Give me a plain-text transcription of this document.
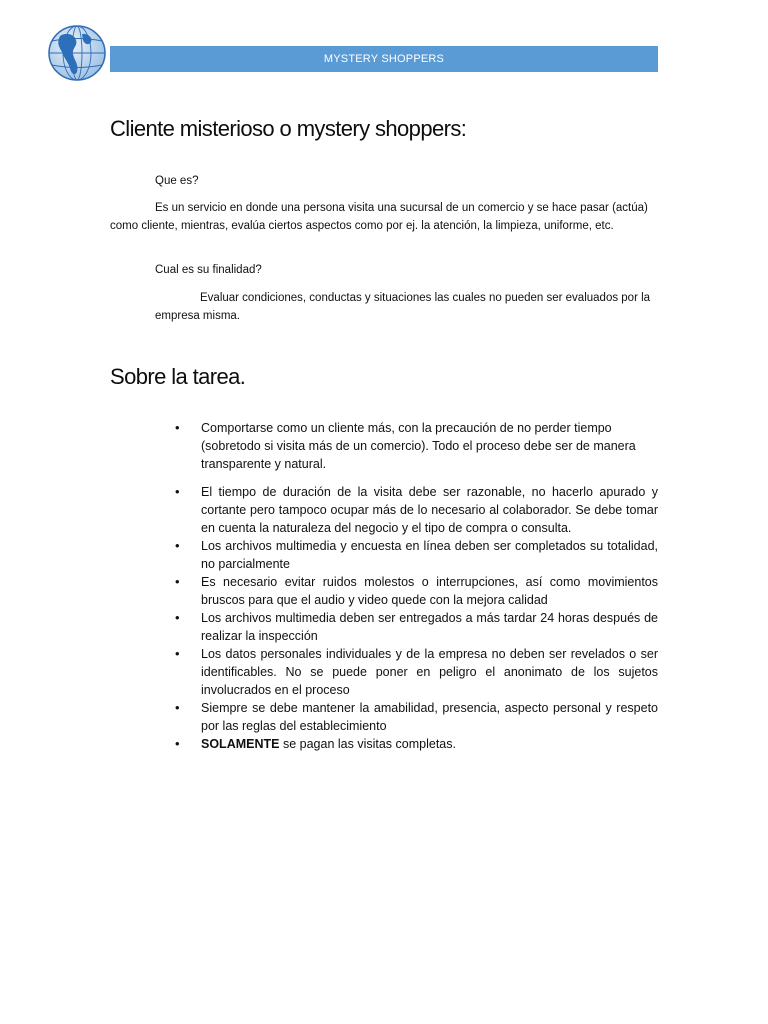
MYSTERY SHOPPERS
Cliente misterioso o mystery shoppers:

Que es?

Es un servicio en donde una persona visita una sucursal de un comercio y se hace pasar (actúa) como cliente, mientras, evalúa ciertos aspectos como por ej. la atención, la limpieza, uniforme, etc.

Cual es su finalidad?

Evaluar condiciones, conductas y situaciones las cuales no pueden ser evaluados por la empresa misma.

Sobre la tarea.
• Comportarse como un cliente más, con la precaución de no perder tiempo (sobretodo si visita más de un comercio). Todo el proceso debe ser de manera transparente y natural.
• El tiempo de duración de la visita debe ser razonable, no hacerlo apurado y cortante pero tampoco ocupar más de lo necesario al colaborador. Se debe tomar en cuenta la naturaleza del negocio y el tipo de compra o consulta.
• Los archivos multimedia y encuesta en línea deben ser completados su totalidad, no parcialmente
• Es necesario evitar ruidos molestos o interrupciones, así como movimientos bruscos para que el audio y video quede con la mejora calidad
• Los archivos multimedia deben ser entregados a más tardar 24 horas después de realizar la inspección
• Los datos personales individuales y de la empresa no deben ser revelados o ser identificables. No se puede poner en peligro el anonimato de los sujetos involucrados en el proceso
• Siempre se debe mantener la amabilidad, presencia, aspecto personal y respeto por las reglas del establecimiento
• SOLAMENTE se pagan las visitas completas.
